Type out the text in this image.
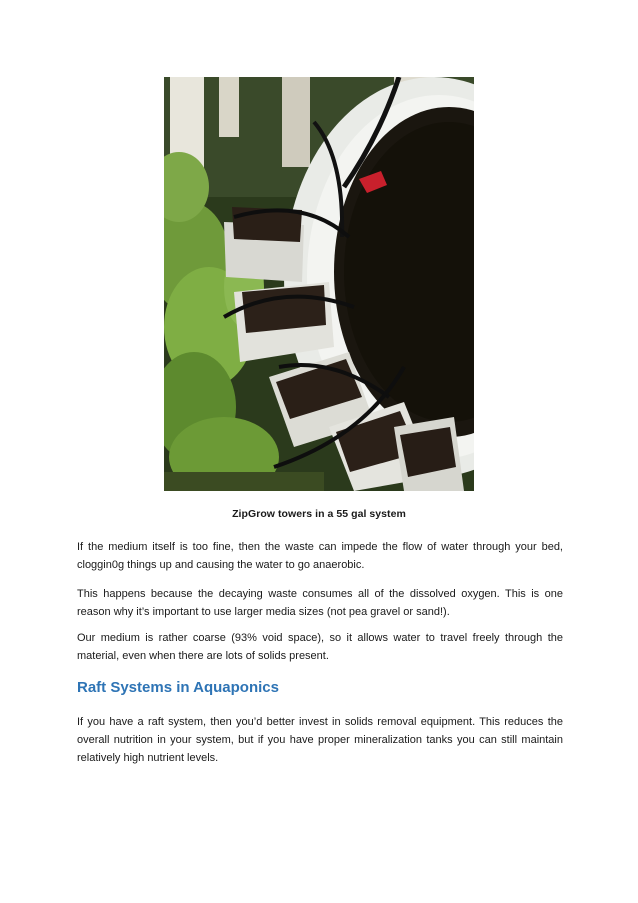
ZipGrow towers in a 55 gal system

If the medium itself is too fine, then the waste can impede the flow of water through your bed, cloggin0g things up and causing the water to go anaerobic.

This happens because the decaying waste consumes all of the dissolved oxygen. This is one reason why it’s important to use larger media sizes (not pea gravel or sand!).

Our medium is rather coarse (93% void space), so it allows water to travel freely through the material, even when there are lots of solids present.

Raft Systems in Aquaponics

If you have a raft system, then you’d better invest in solids removal equipment. This reduces the overall nutrition in your system, but if you have proper mineralization tanks you can still maintain relatively high nutrient levels.
